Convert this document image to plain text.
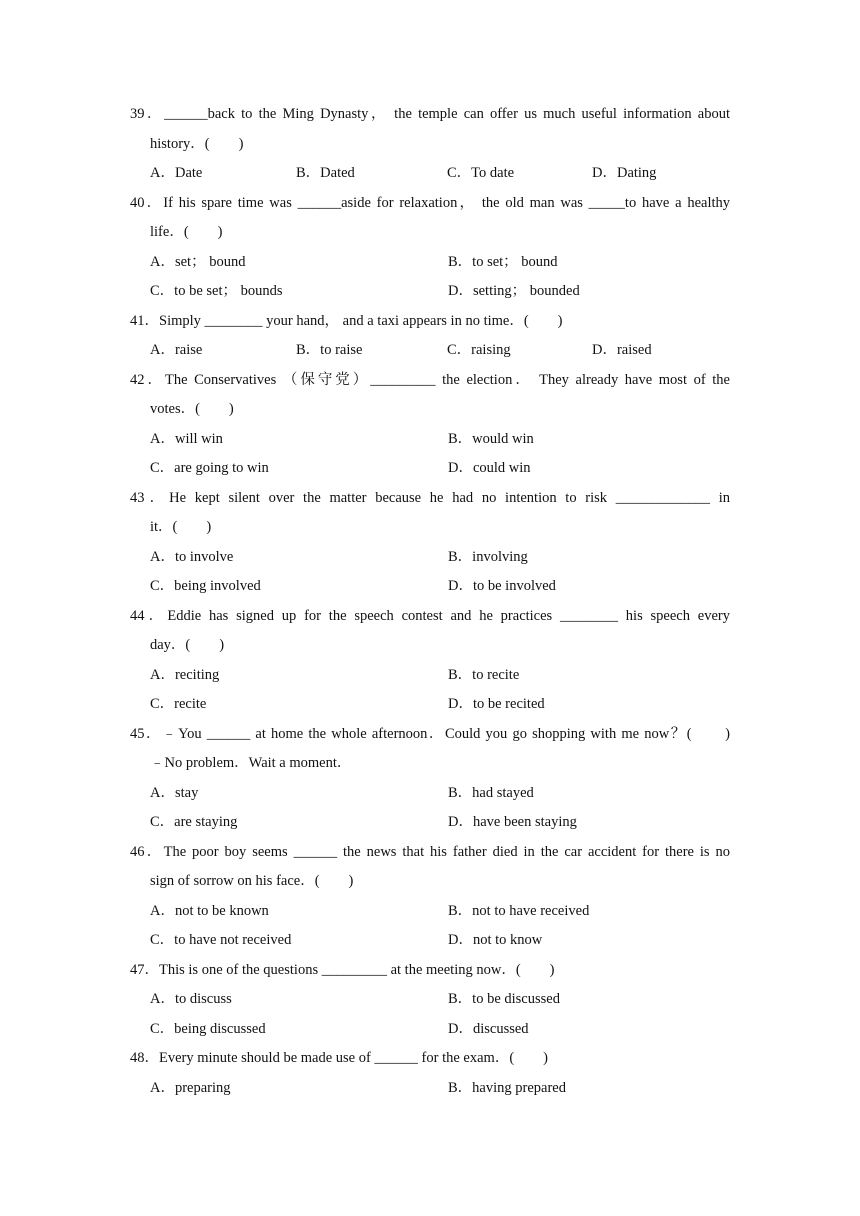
39．______back to the Ming Dynasty， the temple can offer us much useful information about
history．(　　)
A．Date	B．Dated	C．To date	D．Dating
40．If his spare time was ______aside for relaxation， the old man was _____to have a healthy
life．(　　)
A．set； bound	B．to set； bound
C．to be set； bounds	D．setting； bounded
41．Simply ________ your hand， and a taxi appears in no time．(　　)
A．raise	B．to raise	C．raising	D．raised
42．The Conservatives （保守党）_________ the election． They already have most of the
votes．(　　)
A．will win	B．would win
C．are going to win	D．could win
43．He kept silent over the matter because he had no intention to risk _____________ in
it．(　　)
A．to involve	B．involving
C．being involved	D．to be involved
44．Eddie has signed up for the speech contest and he practices ________ his speech every
day．(　　)
A．reciting	B．to recite
C．recite	D．to be recited
45．﹣You ______ at home the whole afternoon．Could you go shopping with me now？(　　)
﹣No problem．Wait a moment．
A．stay	B．had stayed
C．are staying	D．have been staying
46．The poor boy seems ______ the news that his father died in the car accident for there is no
sign of sorrow on his face．(　　)
A．not to be known	B．not to have received
C．to have not received	D．not to know
47．This is one of the questions _________ at the meeting now．(　　)
A．to discuss	B．to be discussed
C．being discussed	D．discussed
48．Every minute should be made use of ______ for the exam．(　　)
A．preparing	B．having prepared
